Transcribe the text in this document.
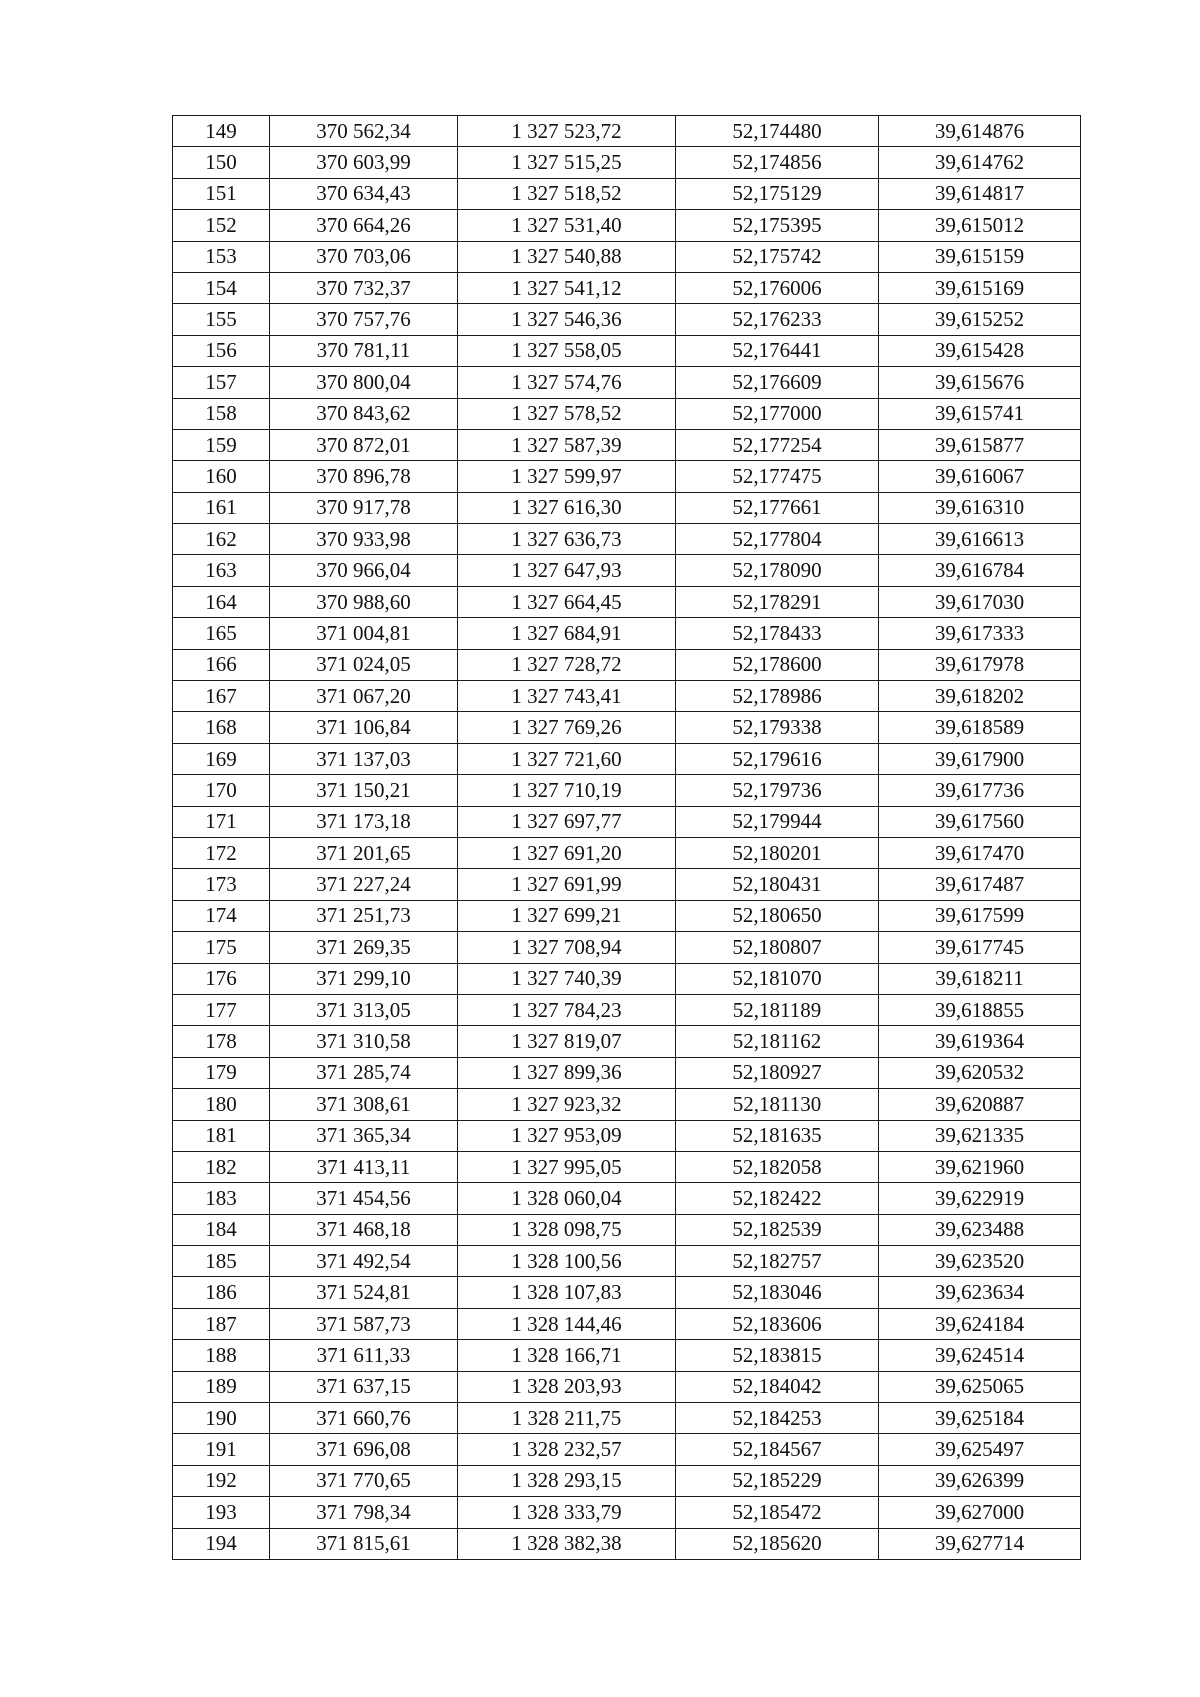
149	370 562,34	1 327 523,72	52,174480	39,614876
150	370 603,99	1 327 515,25	52,174856	39,614762
151	370 634,43	1 327 518,52	52,175129	39,614817
152	370 664,26	1 327 531,40	52,175395	39,615012
153	370 703,06	1 327 540,88	52,175742	39,615159
154	370 732,37	1 327 541,12	52,176006	39,615169
155	370 757,76	1 327 546,36	52,176233	39,615252
156	370 781,11	1 327 558,05	52,176441	39,615428
157	370 800,04	1 327 574,76	52,176609	39,615676
158	370 843,62	1 327 578,52	52,177000	39,615741
159	370 872,01	1 327 587,39	52,177254	39,615877
160	370 896,78	1 327 599,97	52,177475	39,616067
161	370 917,78	1 327 616,30	52,177661	39,616310
162	370 933,98	1 327 636,73	52,177804	39,616613
163	370 966,04	1 327 647,93	52,178090	39,616784
164	370 988,60	1 327 664,45	52,178291	39,617030
165	371 004,81	1 327 684,91	52,178433	39,617333
166	371 024,05	1 327 728,72	52,178600	39,617978
167	371 067,20	1 327 743,41	52,178986	39,618202
168	371 106,84	1 327 769,26	52,179338	39,618589
169	371 137,03	1 327 721,60	52,179616	39,617900
170	371 150,21	1 327 710,19	52,179736	39,617736
171	371 173,18	1 327 697,77	52,179944	39,617560
172	371 201,65	1 327 691,20	52,180201	39,617470
173	371 227,24	1 327 691,99	52,180431	39,617487
174	371 251,73	1 327 699,21	52,180650	39,617599
175	371 269,35	1 327 708,94	52,180807	39,617745
176	371 299,10	1 327 740,39	52,181070	39,618211
177	371 313,05	1 327 784,23	52,181189	39,618855
178	371 310,58	1 327 819,07	52,181162	39,619364
179	371 285,74	1 327 899,36	52,180927	39,620532
180	371 308,61	1 327 923,32	52,181130	39,620887
181	371 365,34	1 327 953,09	52,181635	39,621335
182	371 413,11	1 327 995,05	52,182058	39,621960
183	371 454,56	1 328 060,04	52,182422	39,622919
184	371 468,18	1 328 098,75	52,182539	39,623488
185	371 492,54	1 328 100,56	52,182757	39,623520
186	371 524,81	1 328 107,83	52,183046	39,623634
187	371 587,73	1 328 144,46	52,183606	39,624184
188	371 611,33	1 328 166,71	52,183815	39,624514
189	371 637,15	1 328 203,93	52,184042	39,625065
190	371 660,76	1 328 211,75	52,184253	39,625184
191	371 696,08	1 328 232,57	52,184567	39,625497
192	371 770,65	1 328 293,15	52,185229	39,626399
193	371 798,34	1 328 333,79	52,185472	39,627000
194	371 815,61	1 328 382,38	52,185620	39,627714
